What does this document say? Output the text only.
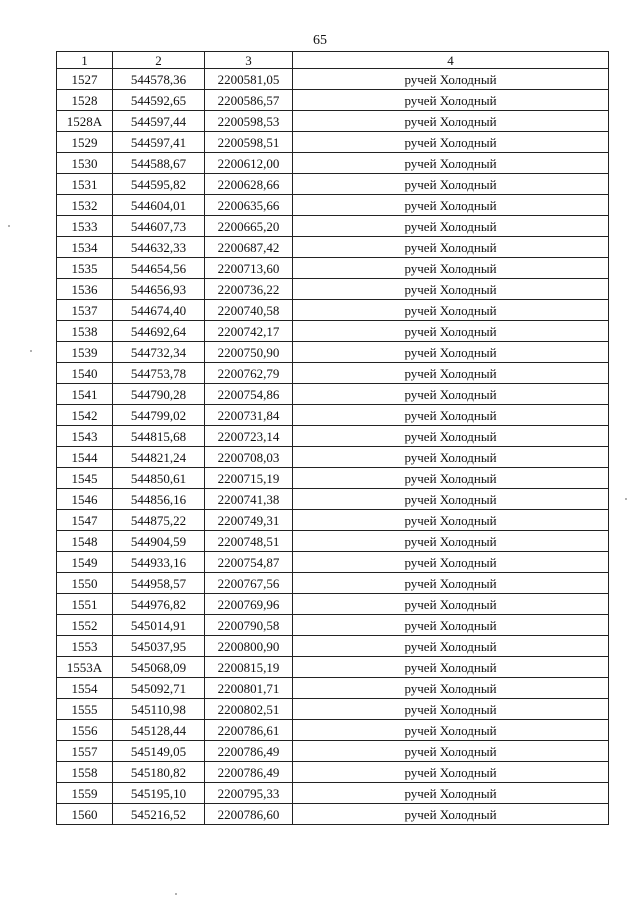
65
1	2	3	4
1527	544578,36	2200581,05	ручей Холодный
1528	544592,65	2200586,57	ручей Холодный
1528А	544597,44	2200598,53	ручей Холодный
1529	544597,41	2200598,51	ручей Холодный
1530	544588,67	2200612,00	ручей Холодный
1531	544595,82	2200628,66	ручей Холодный
1532	544604,01	2200635,66	ручей Холодный
1533	544607,73	2200665,20	ручей Холодный
1534	544632,33	2200687,42	ручей Холодный
1535	544654,56	2200713,60	ручей Холодный
1536	544656,93	2200736,22	ручей Холодный
1537	544674,40	2200740,58	ручей Холодный
1538	544692,64	2200742,17	ручей Холодный
1539	544732,34	2200750,90	ручей Холодный
1540	544753,78	2200762,79	ручей Холодный
1541	544790,28	2200754,86	ручей Холодный
1542	544799,02	2200731,84	ручей Холодный
1543	544815,68	2200723,14	ручей Холодный
1544	544821,24	2200708,03	ручей Холодный
1545	544850,61	2200715,19	ручей Холодный
1546	544856,16	2200741,38	ручей Холодный
1547	544875,22	2200749,31	ручей Холодный
1548	544904,59	2200748,51	ручей Холодный
1549	544933,16	2200754,87	ручей Холодный
1550	544958,57	2200767,56	ручей Холодный
1551	544976,82	2200769,96	ручей Холодный
1552	545014,91	2200790,58	ручей Холодный
1553	545037,95	2200800,90	ручей Холодный
1553А	545068,09	2200815,19	ручей Холодный
1554	545092,71	2200801,71	ручей Холодный
1555	545110,98	2200802,51	ручей Холодный
1556	545128,44	2200786,61	ручей Холодный
1557	545149,05	2200786,49	ручей Холодный
1558	545180,82	2200786,49	ручей Холодный
1559	545195,10	2200795,33	ручей Холодный
1560	545216,52	2200786,60	ручей Холодный
